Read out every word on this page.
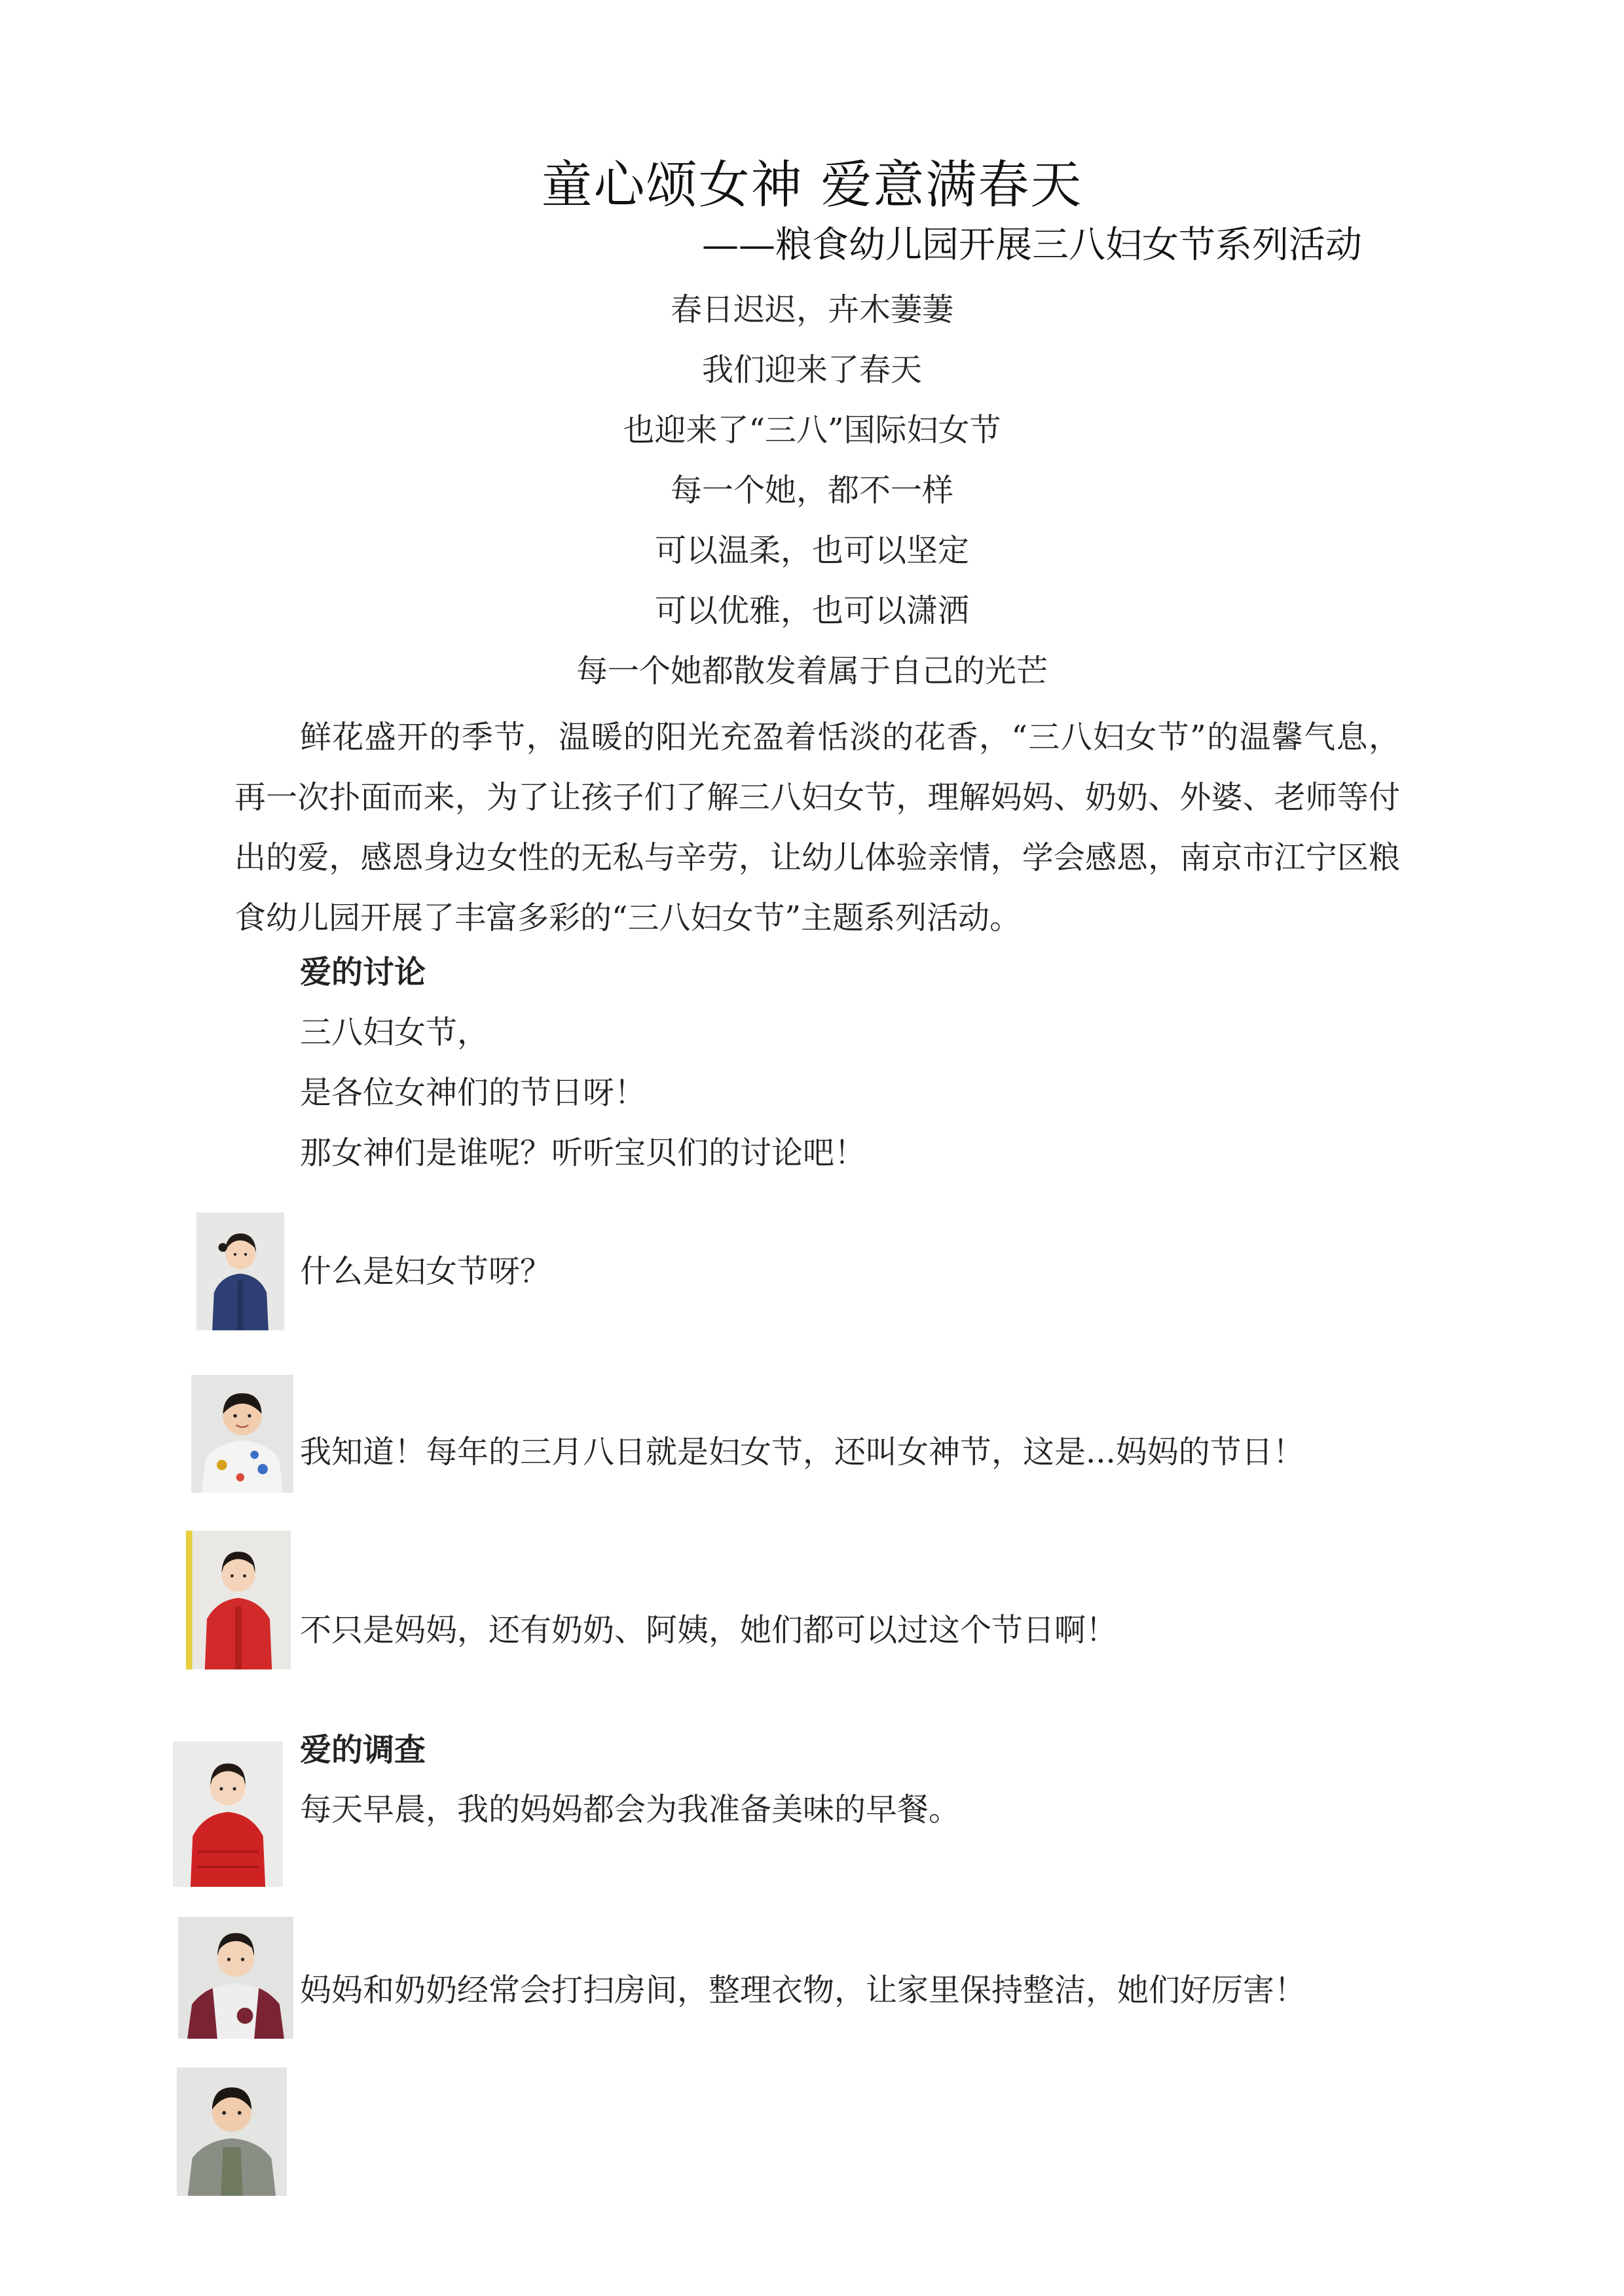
童心颂女神 爱意满春天
——粮食幼儿园开展三八妇女节系列活动
春日迟迟，卉木萋萋
我们迎来了春天
也迎来了“三八”国际妇女节
每一个她，都不一样
可以温柔，也可以坚定
可以优雅，也可以潇洒
每一个她都散发着属于自己的光芒
鲜花盛开的季节，温暖的阳光充盈着恬淡的花香，“三八妇女节”的温馨气息，再一次扑面而来，为了让孩子们了解三八妇女节，理解妈妈、奶奶、外婆、老师等付出的爱，感恩身边女性的无私与辛劳，让幼儿体验亲情，学会感恩，南京市江宁区粮食幼儿园开展了丰富多彩的“三八妇女节”主题系列活动。
爱的讨论
三八妇女节，
是各位女神们的节日呀！
那女神们是谁呢？听听宝贝们的讨论吧！
什么是妇女节呀？
我知道！每年的三月八日就是妇女节，还叫女神节，这是...妈妈的节日！
不只是妈妈，还有奶奶、阿姨，她们都可以过这个节日啊！
爱的调查
每天早晨，我的妈妈都会为我准备美味的早餐。
妈妈和奶奶经常会打扫房间，整理衣物，让家里保持整洁，她们好厉害！
